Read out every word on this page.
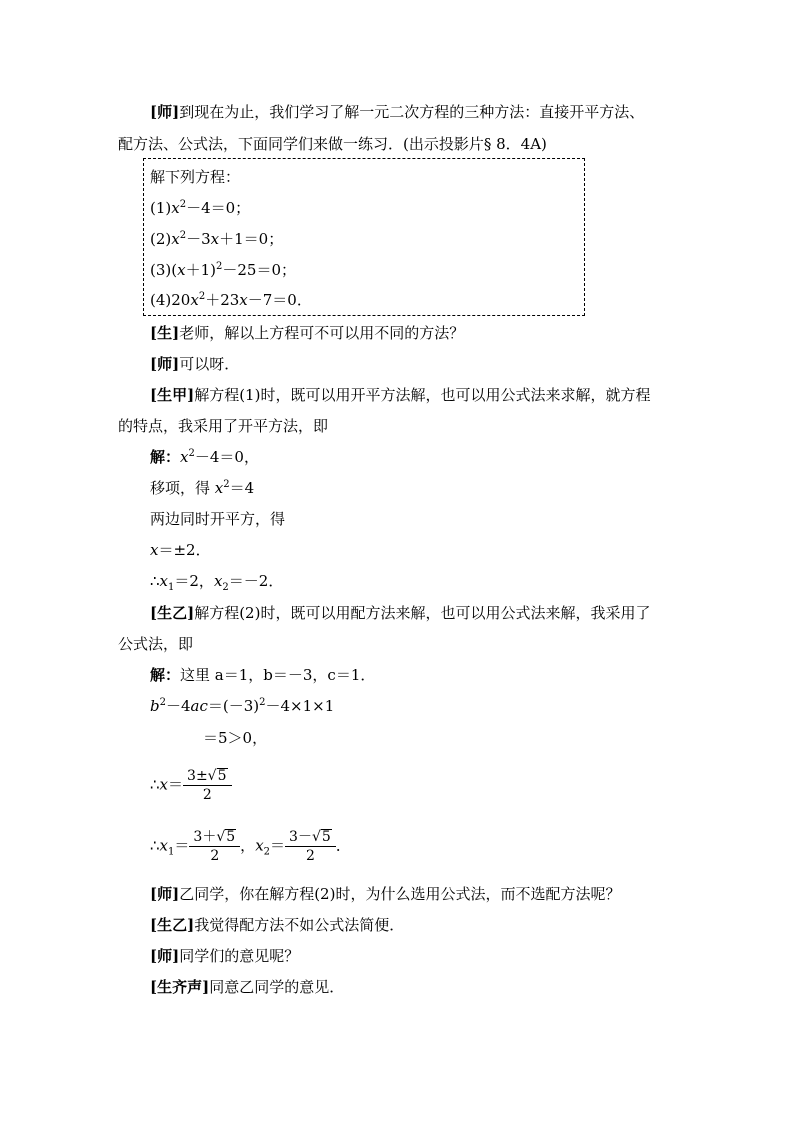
[师]到现在为止，我们学习了解一元二次方程的三种方法：直接开平方法、
配方法、公式法，下面同学们来做一练习．(出示投影片§ 8．4A)
解下列方程：
$(1)x^2-4=0$；
$(2)x^2-3x+1=0$；
$(3)(x+1)^2-25=0$；
$(4)20x^2+23x-7=0$．
[生]老师，解以上方程可不可以用不同的方法？
[师]可以呀．
[生甲]解方程(1)时，既可以用开平方法解，也可以用公式法来求解，就方程
的特点，我采用了开平方法，即
解：$x^2-4=0$，
移项，得 $x^2=4$
两边同时开平方，得
x＝±2．
$\therefore x_1=2$，$x_2=-2$．
[生乙]解方程(2)时，既可以用配方法来解，也可以用公式法来解，我采用了
公式法，即
解：这里 a＝1，b＝－3，c＝1．
$b^2-4ac=(-3)^2-4\times 1\times 1$
＝5＞0，
∴x＝ $\frac{3\pm√5}{2}$
$\therefore x_1= \frac{3+√5}{2}$ ，$x_2= \frac{3-√5}{2}$ ．
[师]乙同学，你在解方程(2)时，为什么选用公式法，而不选配方法呢？
[生乙]我觉得配方法不如公式法简便．
[师]同学们的意见呢？
[生齐声]同意乙同学的意见．
